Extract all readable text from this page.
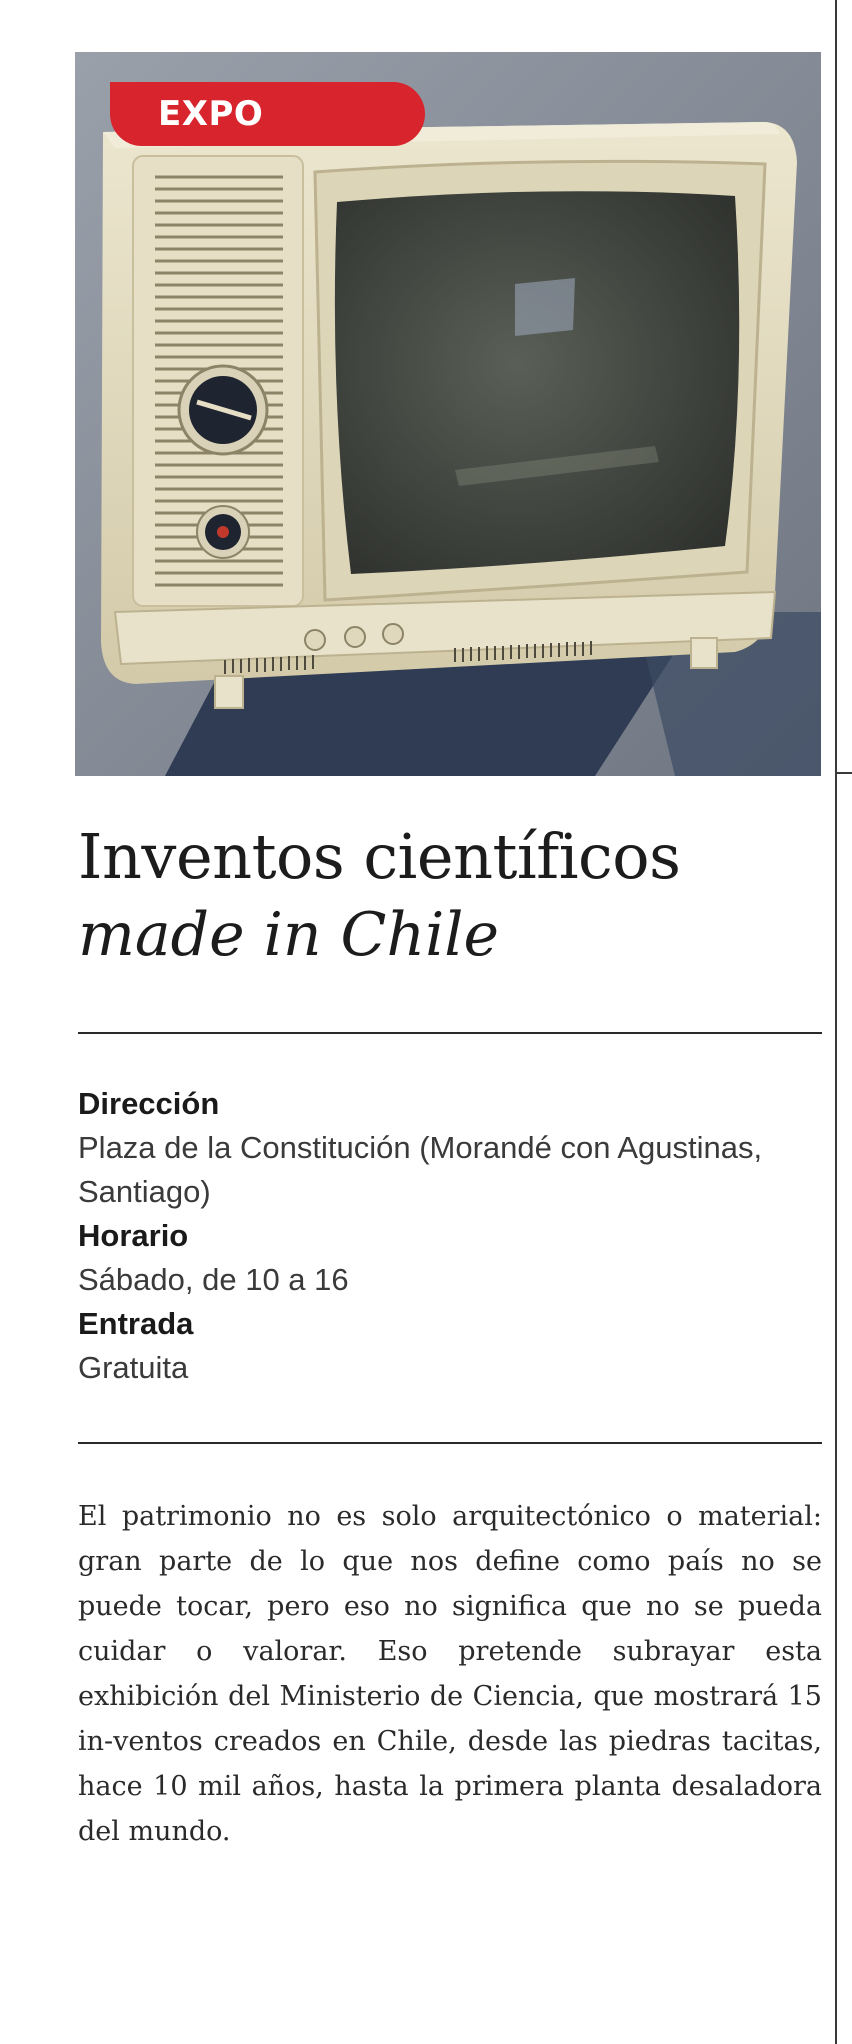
EXPO
Inventos científicos
made in Chile
Dirección
Plaza de la Constitución (Morandé con Agustinas, Santiago)
Horario
Sábado, de 10 a 16
Entrada
Gratuita

El patrimonio no es solo arquitectónico o material: gran parte de lo que nos define como país no se puede tocar, pero eso no significa que no se pueda cuidar o valorar. Eso pretende subrayar esta exhibición del Ministerio de Ciencia, que mostrará 15 in-ventos creados en Chile, desde las piedras tacitas, hace 10 mil años, hasta la primera planta desaladora del mundo.
